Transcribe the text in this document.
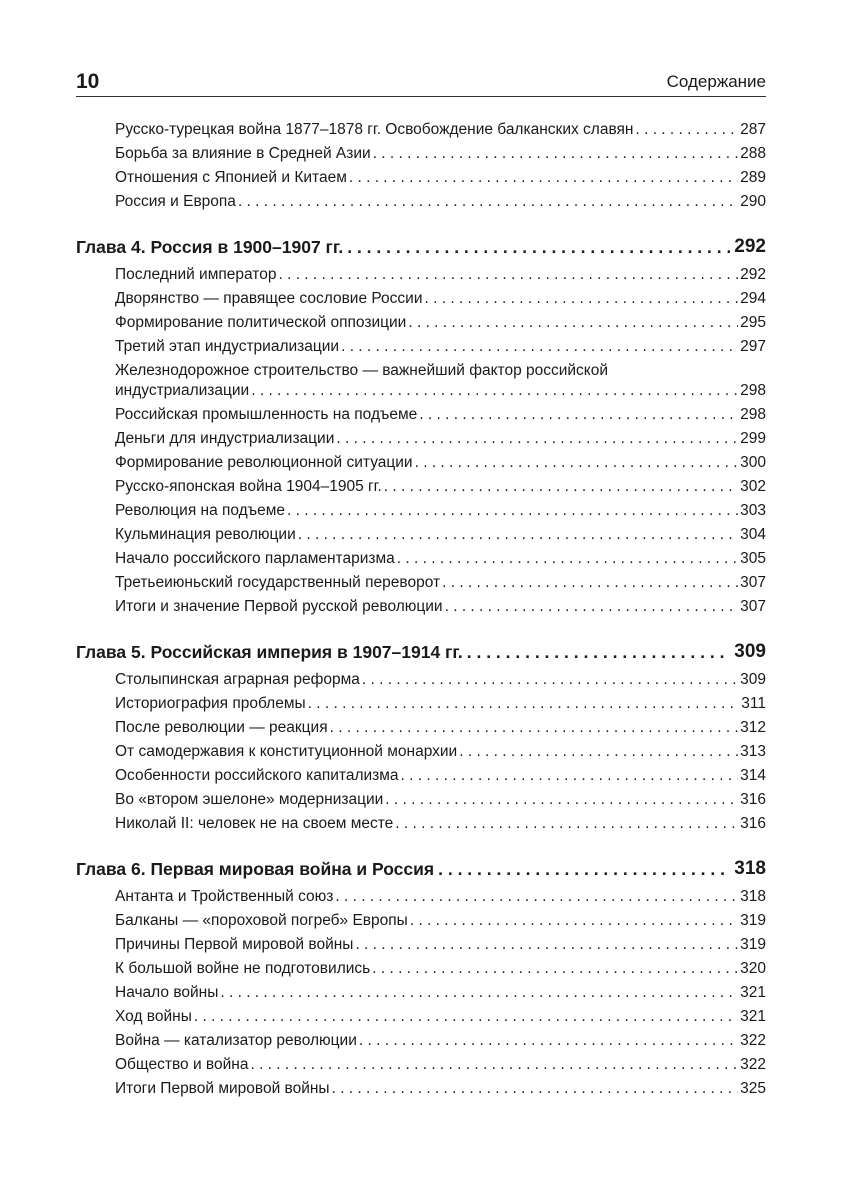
10	Содержание
Русско-турецкая война 1877–1878 гг. Освобождение балканских славян . . .	287
Борьба за влияние в Средней Азии . . .	288
Отношения с Японией и Китаем . . .	289
Россия и Европа . . .	290
Глава 4. Россия в 1900–1907 гг. . . .	292
Последний император . . .	292
Дворянство — правящее сословие России . . .	294
Формирование политической оппозиции . . .	295
Третий этап индустриализации . . .	297
Железнодорожное строительство — важнейший фактор российской
индустриализации . . .	298
Российская промышленность на подъеме . . .	298
Деньги для индустриализации . . .	299
Формирование революционной ситуации . . .	300
Русско-японская война 1904–1905 гг. . . .	302
Революция на подъеме . . .	303
Кульминация революции . . .	304
Начало российского парламентаризма . . .	305
Третьеиюньский государственный переворот . . .	307
Итоги и значение Первой русской революции . . .	307
Глава 5. Российская империя в 1907–1914 гг. . . .	309
Столыпинская аграрная реформа . . .	309
Историография проблемы . . .	311
После революции — реакция . . .	312
От самодержавия к конституционной монархии . . .	313
Особенности российского капитализма . . .	314
Во «втором эшелоне» модернизации . . .	316
Николай II: человек не на своем месте . . .	316
Глава 6. Первая мировая война и Россия . . .	318
Антанта и Тройственный союз . . .	318
Балканы — «пороховой погреб» Европы . . .	319
Причины Первой мировой войны . . .	319
К большой войне не подготовились . . .	320
Начало войны . . .	321
Ход войны . . .	321
Война — катализатор революции . . .	322
Общество и война . . .	322
Итоги Первой мировой войны . . .	325
